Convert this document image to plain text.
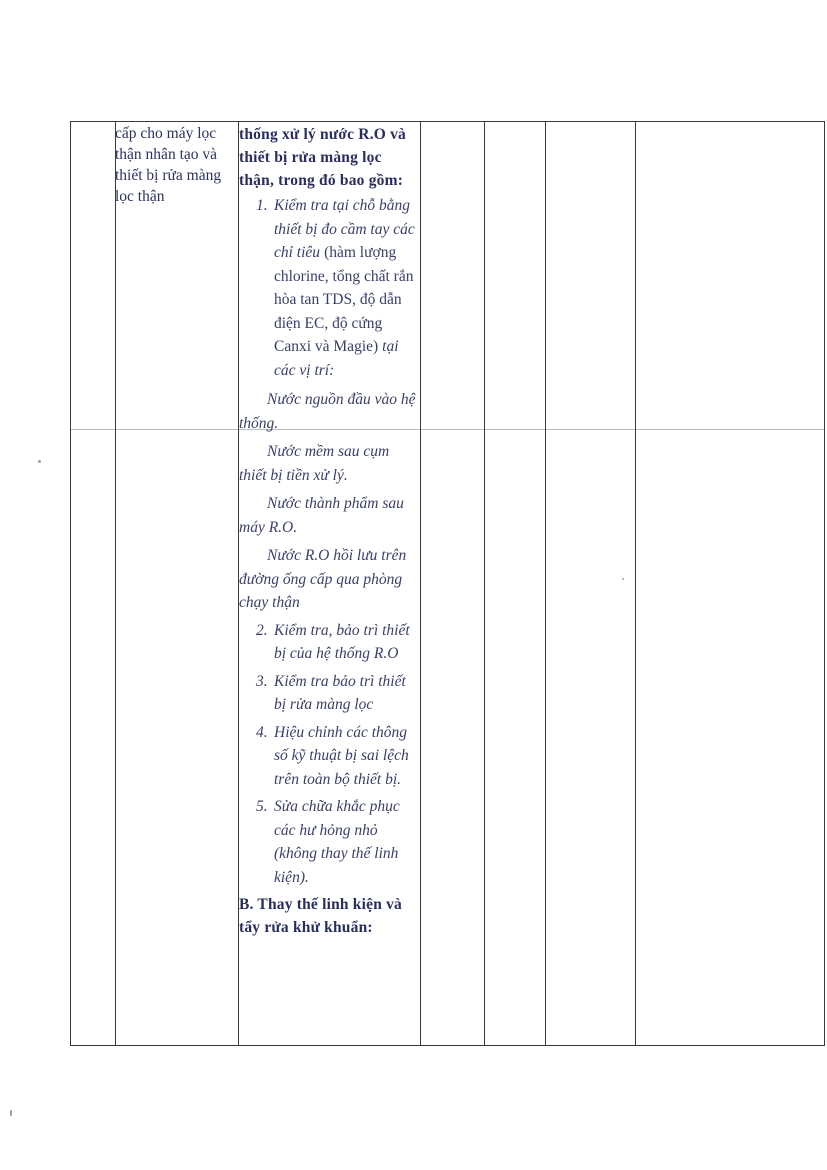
cấp cho máy lọc thận nhân tạo và thiết bị rửa màng lọc thận
thống xử lý nước R.O và thiết bị rửa màng lọc thận, trong đó bao gồm:
1. Kiểm tra tại chỗ bằng thiết bị đo cầm tay các chỉ tiêu (hàm lượng chlorine, tổng chất rắn hòa tan TDS, độ dẫn điện EC, độ cứng Canxi và Magie) tại các vị trí:
Nước nguồn đầu vào hệ thống.
Nước mềm sau cụm thiết bị tiền xử lý.
Nước thành phẩm sau máy R.O.
Nước R.O hồi lưu trên đường ống cấp qua phòng chạy thận
2. Kiểm tra, bảo trì thiết bị của hệ thống R.O
3. Kiểm tra bảo trì thiết bị rửa màng lọc
4. Hiệu chỉnh các thông số kỹ thuật bị sai lệch trên toàn bộ thiết bị.
5. Sửa chữa khắc phục các hư hỏng nhỏ (không thay thế linh kiện).
B. Thay thế linh kiện và tẩy rửa khử khuẩn:
